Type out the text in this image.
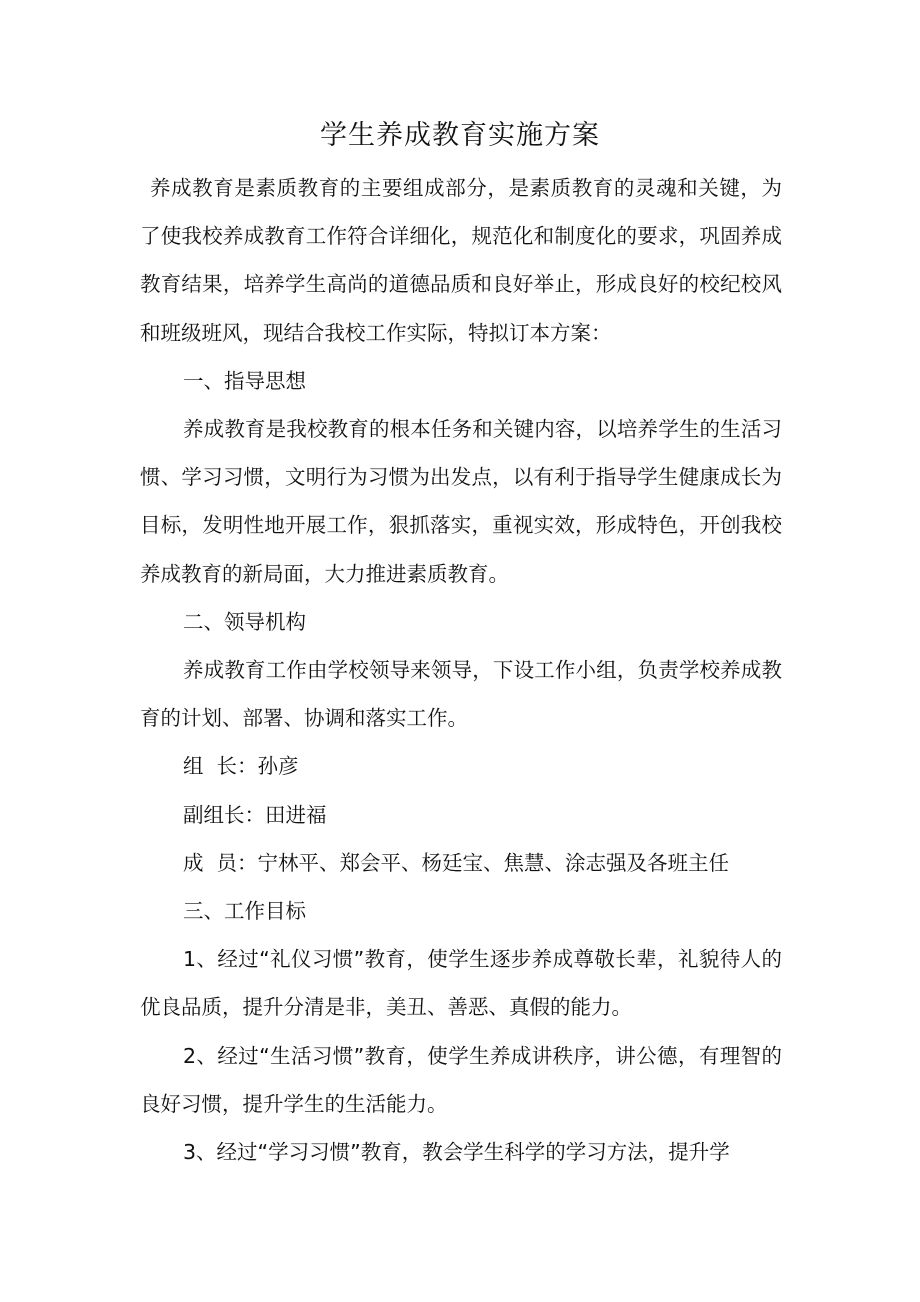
学生养成教育实施方案

养成教育是素质教育的主要组成部分，是素质教育的灵魂和关键，为了使我校养成教育工作符合详细化，规范化和制度化的要求，巩固养成教育结果，培养学生高尚的道德品质和良好举止，形成良好的校纪校风和班级班风，现结合我校工作实际，特拟订本方案：

一、指导思想

养成教育是我校教育的根本任务和关键内容，以培养学生的生活习惯、学习习惯，文明行为习惯为出发点，以有利于指导学生健康成长为目标，发明性地开展工作，狠抓落实，重视实效，形成特色，开创我校养成教育的新局面，大力推进素质教育。

二、领导机构

养成教育工作由学校领导来领导，下设工作小组，负责学校养成教育的计划、部署、协调和落实工作。

组  长：孙彦

副组长：田进福

成  员：宁林平、郑会平、杨廷宝、焦慧、涂志强及各班主任

三、工作目标

1、经过“礼仪习惯”教育，使学生逐步养成尊敬长辈，礼貌待人的优良品质，提升分清是非，美丑、善恶、真假的能力。

2、经过“生活习惯”教育，使学生养成讲秩序，讲公德，有理智的良好习惯，提升学生的生活能力。

3、经过“学习习惯”教育，教会学生科学的学习方法，提升学
